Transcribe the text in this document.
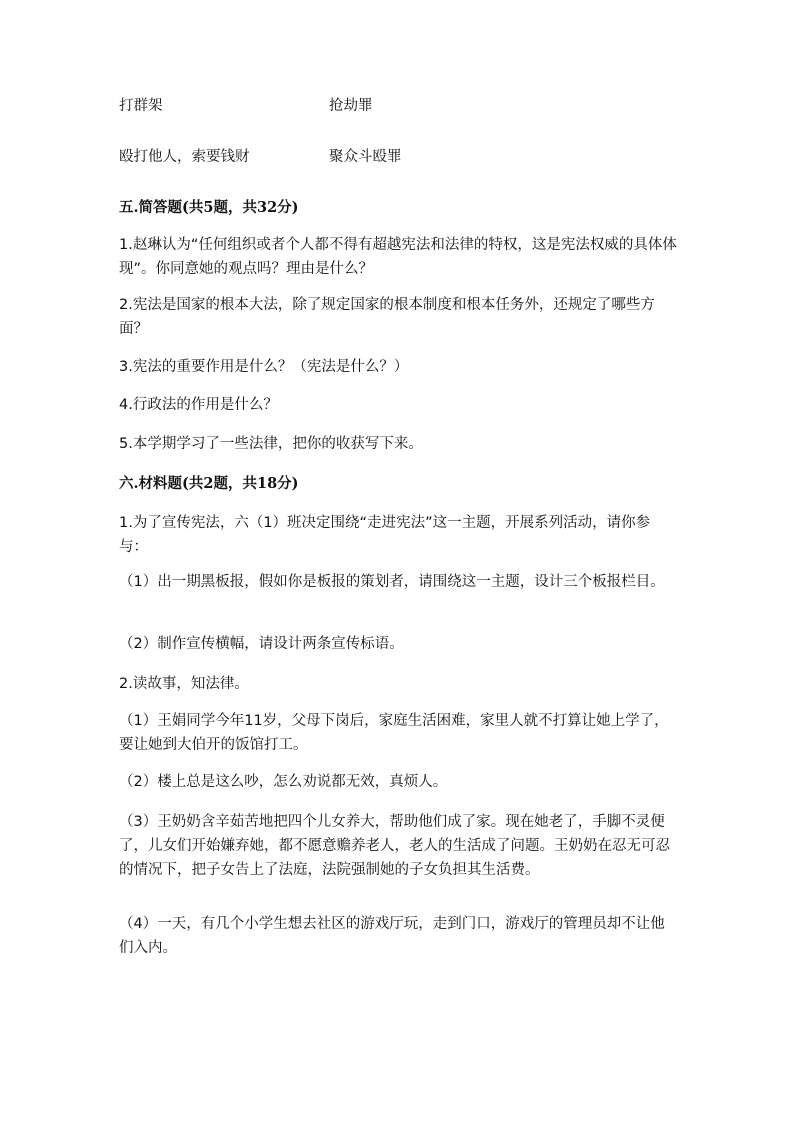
打群架	抢劫罪
殴打他人，索要钱财	聚众斗殴罪
五.简答题(共5题，共32分)
1.赵琳认为“任何组织或者个人都不得有超越宪法和法律的特权，这是宪法权威的具体体现”。你同意她的观点吗？理由是什么？
2.宪法是国家的根本大法，除了规定国家的根本制度和根本任务外，还规定了哪些方面？
3.宪法的重要作用是什么？（宪法是什么？）
4.行政法的作用是什么？
5.本学期学习了一些法律，把你的收获写下来。
六.材料题(共2题，共18分)
1.为了宣传宪法，六（1）班决定围绕“走进宪法”这一主题，开展系列活动，请你参与：
（1）出一期黑板报，假如你是板报的策划者，请围绕这一主题，设计三个板报栏目。
（2）制作宣传横幅，请设计两条宣传标语。
2.读故事，知法律。
（1）王娟同学今年11岁，父母下岗后，家庭生活困难，家里人就不打算让她上学了，要让她到大伯开的饭馆打工。
（2）楼上总是这么吵，怎么劝说都无效，真烦人。
（3）王奶奶含辛茹苦地把四个儿女养大，帮助他们成了家。现在她老了，手脚不灵便了，儿女们开始嫌弃她，都不愿意赡养老人，老人的生活成了问题。王奶奶在忍无可忍的情况下，把子女告上了法庭，法院强制她的子女负担其生活费。
（4）一天，有几个小学生想去社区的游戏厅玩，走到门口，游戏厅的管理员却不让他们入内。
